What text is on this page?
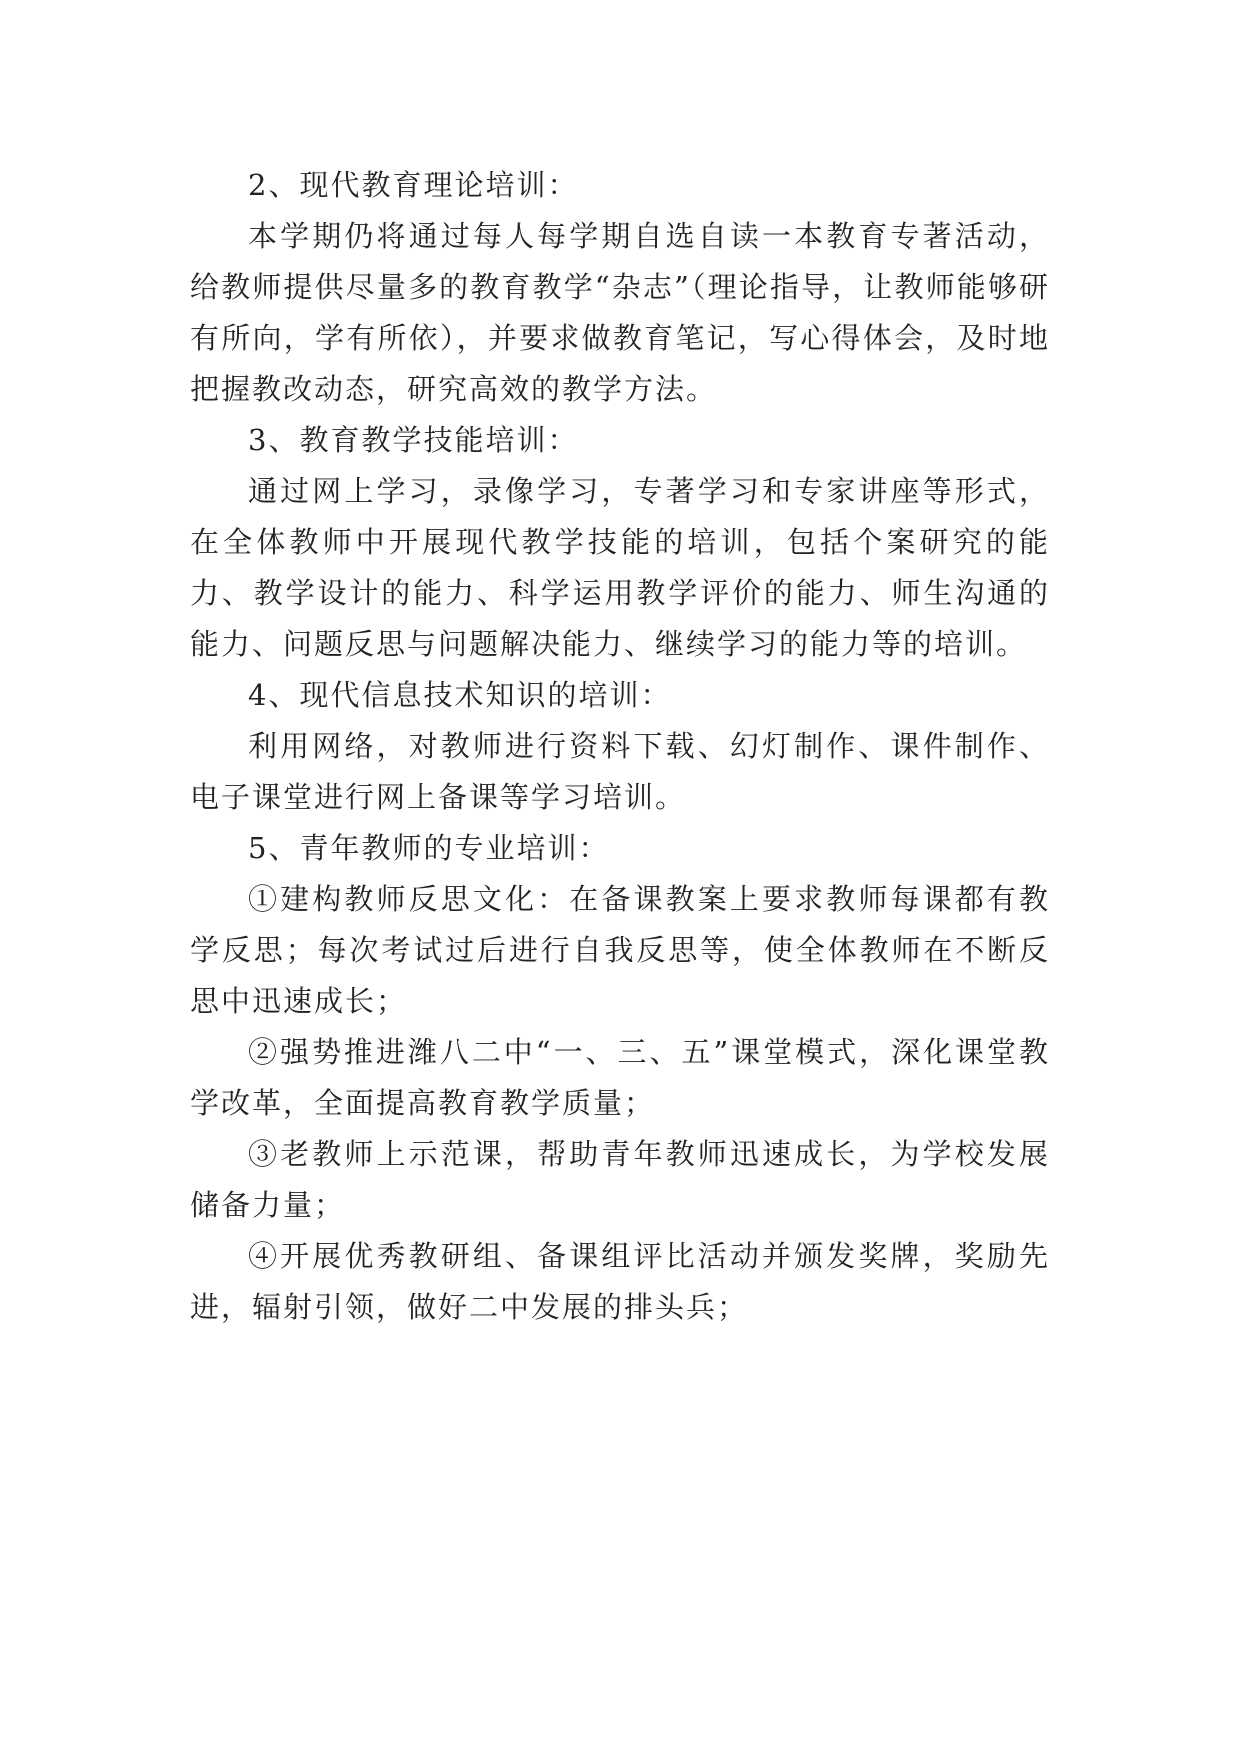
2、现代教育理论培训：

本学期仍将通过每人每学期自选自读一本教育专著活动，给教师提供尽量多的教育教学“杂志”（理论指导，让教师能够研有所向，学有所依），并要求做教育笔记，写心得体会，及时地把握教改动态，研究高效的教学方法。

3、教育教学技能培训：

通过网上学习，录像学习，专著学习和专家讲座等形式，在全体教师中开展现代教学技能的培训，包括个案研究的能力、教学设计的能力、科学运用教学评价的能力、师生沟通的能力、问题反思与问题解决能力、继续学习的能力等的培训。

4、现代信息技术知识的培训：

利用网络，对教师进行资料下载、幻灯制作、课件制作、电子课堂进行网上备课等学习培训。

5、青年教师的专业培训：

①建构教师反思文化：在备课教案上要求教师每课都有教学反思；每次考试过后进行自我反思等，使全体教师在不断反思中迅速成长；

②强势推进潍八二中“一、三、五”课堂模式，深化课堂教学改革，全面提高教育教学质量；

③老教师上示范课，帮助青年教师迅速成长，为学校发展储备力量；

④开展优秀教研组、备课组评比活动并颁发奖牌，奖励先进，辐射引领，做好二中发展的排头兵；
